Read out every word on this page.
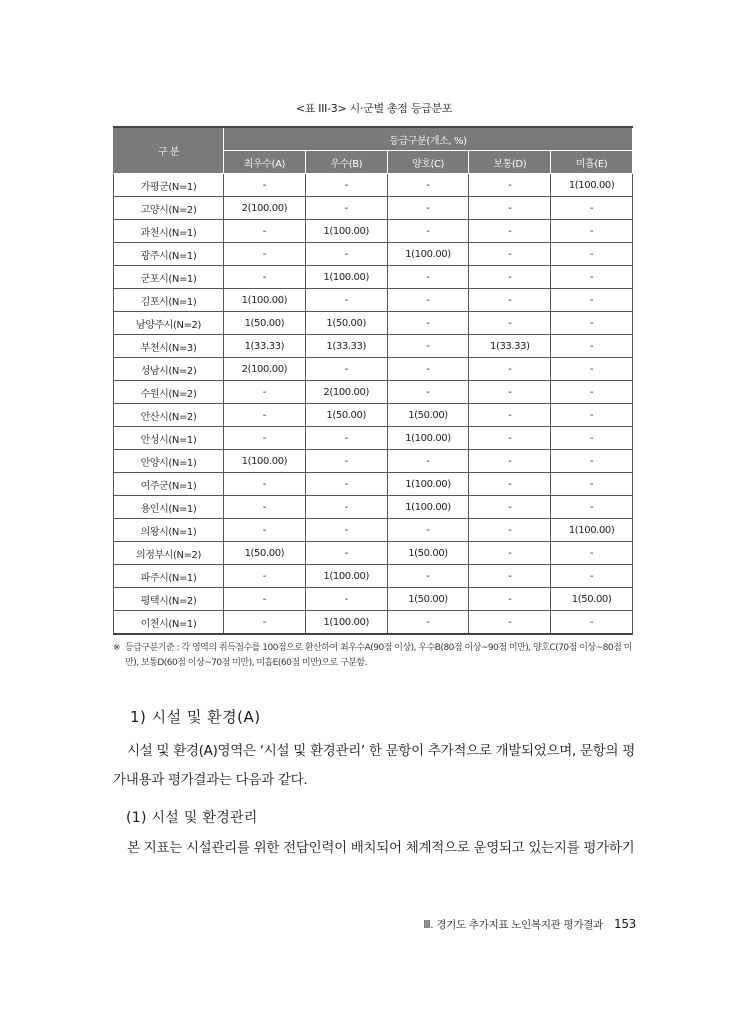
<표 III-3> 시·군별 총점 등급분포
구 분	등급구분(개소, %)				
	최우수(A)	우수(B)	양호(C)	보통(D)	미흡(E)
가평군(N=1)	-	-	-	-	1(100.00)
고양시(N=2)	2(100.00)	-	-	-	-
과천시(N=1)	-	1(100.00)	-	-	-
광주시(N=1)	-	-	1(100.00)	-	-
군포시(N=1)	-	1(100.00)	-	-	-
김포시(N=1)	1(100.00)	-	-	-	-
남양주시(N=2)	1(50.00)	1(50.00)	-	-	-
부천시(N=3)	1(33.33)	1(33.33)	-	1(33.33)	-
성남시(N=2)	2(100.00)	-	-	-	-
수원시(N=2)	-	2(100.00)	-	-	-
안산시(N=2)	-	1(50.00)	1(50.00)	-	-
안성시(N=1)	-	-	1(100.00)	-	-
안양시(N=1)	1(100.00)	-	-	-	-
여주군(N=1)	-	-	1(100.00)	-	-
용인시(N=1)	-	-	1(100.00)	-	-
의왕시(N=1)	-	-	-	-	1(100.00)
의정부시(N=2)	1(50.00)	-	1(50.00)	-	-
파주시(N=1)	-	1(100.00)	-	-	-
평택시(N=2)	-	-	1(50.00)	-	1(50.00)
이천시(N=1)	-	1(100.00)	-	-	-
※ 등급구분기준 : 각 영역의 취득점수를 100점으로 환산하여 최우수A(90점 이상), 우수B(80점 이상~90점 미만), 양호C(70점 이상~80점 미만), 보통D(60점 이상~70점 미만), 미흡E(60점 미만)으로 구분함.
1) 시설 및 환경(A)
시설 및 환경(A)영역은 ‘시설 및 환경관리’ 한 문항이 추가적으로 개발되었으며, 문항의 평
가내용과 평가결과는 다음과 같다.
(1) 시설 및 환경관리
본 지표는 시설관리를 위한 전담인력이 배치되어 체계적으로 운영되고 있는지를 평가하기
Ⅲ. 경기도 추가지표 노인복지관 평가결과 153
